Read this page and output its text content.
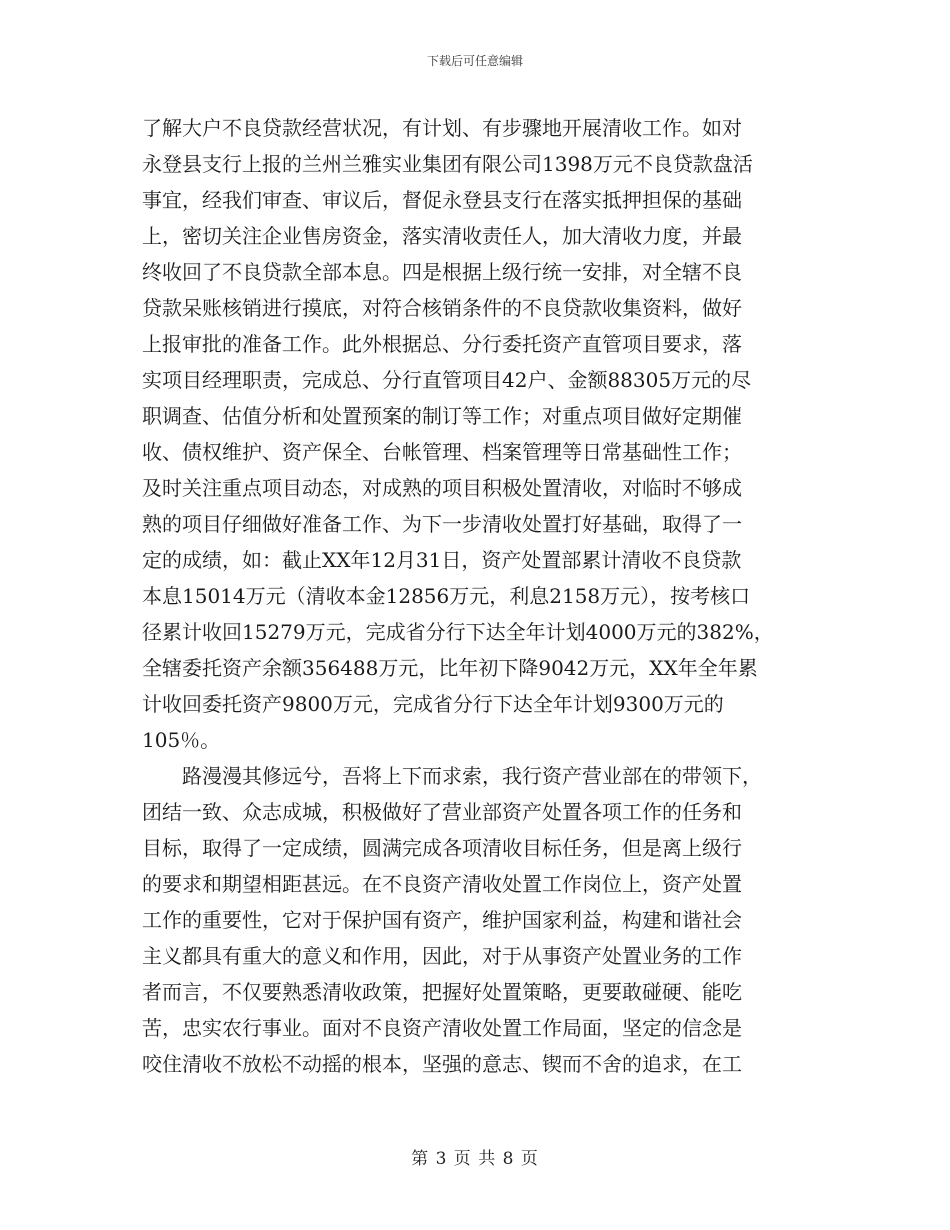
下载后可任意编辑
了解大户不良贷款经营状况，有计划、有步骤地开展清收工作。如对
永登县支行上报的兰州兰雅实业集团有限公司1398万元不良贷款盘活
事宜，经我们审查、审议后，督促永登县支行在落实抵押担保的基础
上，密切关注企业售房资金，落实清收责任人，加大清收力度，并最
终收回了不良贷款全部本息。四是根据上级行统一安排，对全辖不良
贷款呆账核销进行摸底，对符合核销条件的不良贷款收集资料，做好
上报审批的准备工作。此外根据总、分行委托资产直管项目要求，落
实项目经理职责，完成总、分行直管项目42户、金额88305万元的尽
职调查、估值分析和处置预案的制订等工作；对重点项目做好定期催
收、债权维护、资产保全、台帐管理、档案管理等日常基础性工作；
及时关注重点项目动态，对成熟的项目积极处置清收，对临时不够成
熟的项目仔细做好准备工作、为下一步清收处置打好基础，取得了一
定的成绩，如：截止XX年12月31日，资产处置部累计清收不良贷款
本息15014万元（清收本金12856万元，利息2158万元），按考核口
径累计收回15279万元，完成省分行下达全年计划4000万元的382%，
全辖委托资产余额356488万元，比年初下降9042万元，XX年全年累
计收回委托资产9800万元，完成省分行下达全年计划9300万元的
105％。
　　路漫漫其修远兮，吾将上下而求索，我行资产营业部在的带领下，
团结一致、众志成城，积极做好了营业部资产处置各项工作的任务和
目标，取得了一定成绩，圆满完成各项清收目标任务，但是离上级行
的要求和期望相距甚远。在不良资产清收处置工作岗位上，资产处置
工作的重要性，它对于保护国有资产，维护国家利益，构建和谐社会
主义都具有重大的意义和作用，因此，对于从事资产处置业务的工作
者而言，不仅要熟悉清收政策，把握好处置策略，更要敢碰硬、能吃
苦，忠实农行事业。面对不良资产清收处置工作局面，坚定的信念是
咬住清收不放松不动摇的根本，坚强的意志、锲而不舍的追求，在工
第 3 页 共 8 页
